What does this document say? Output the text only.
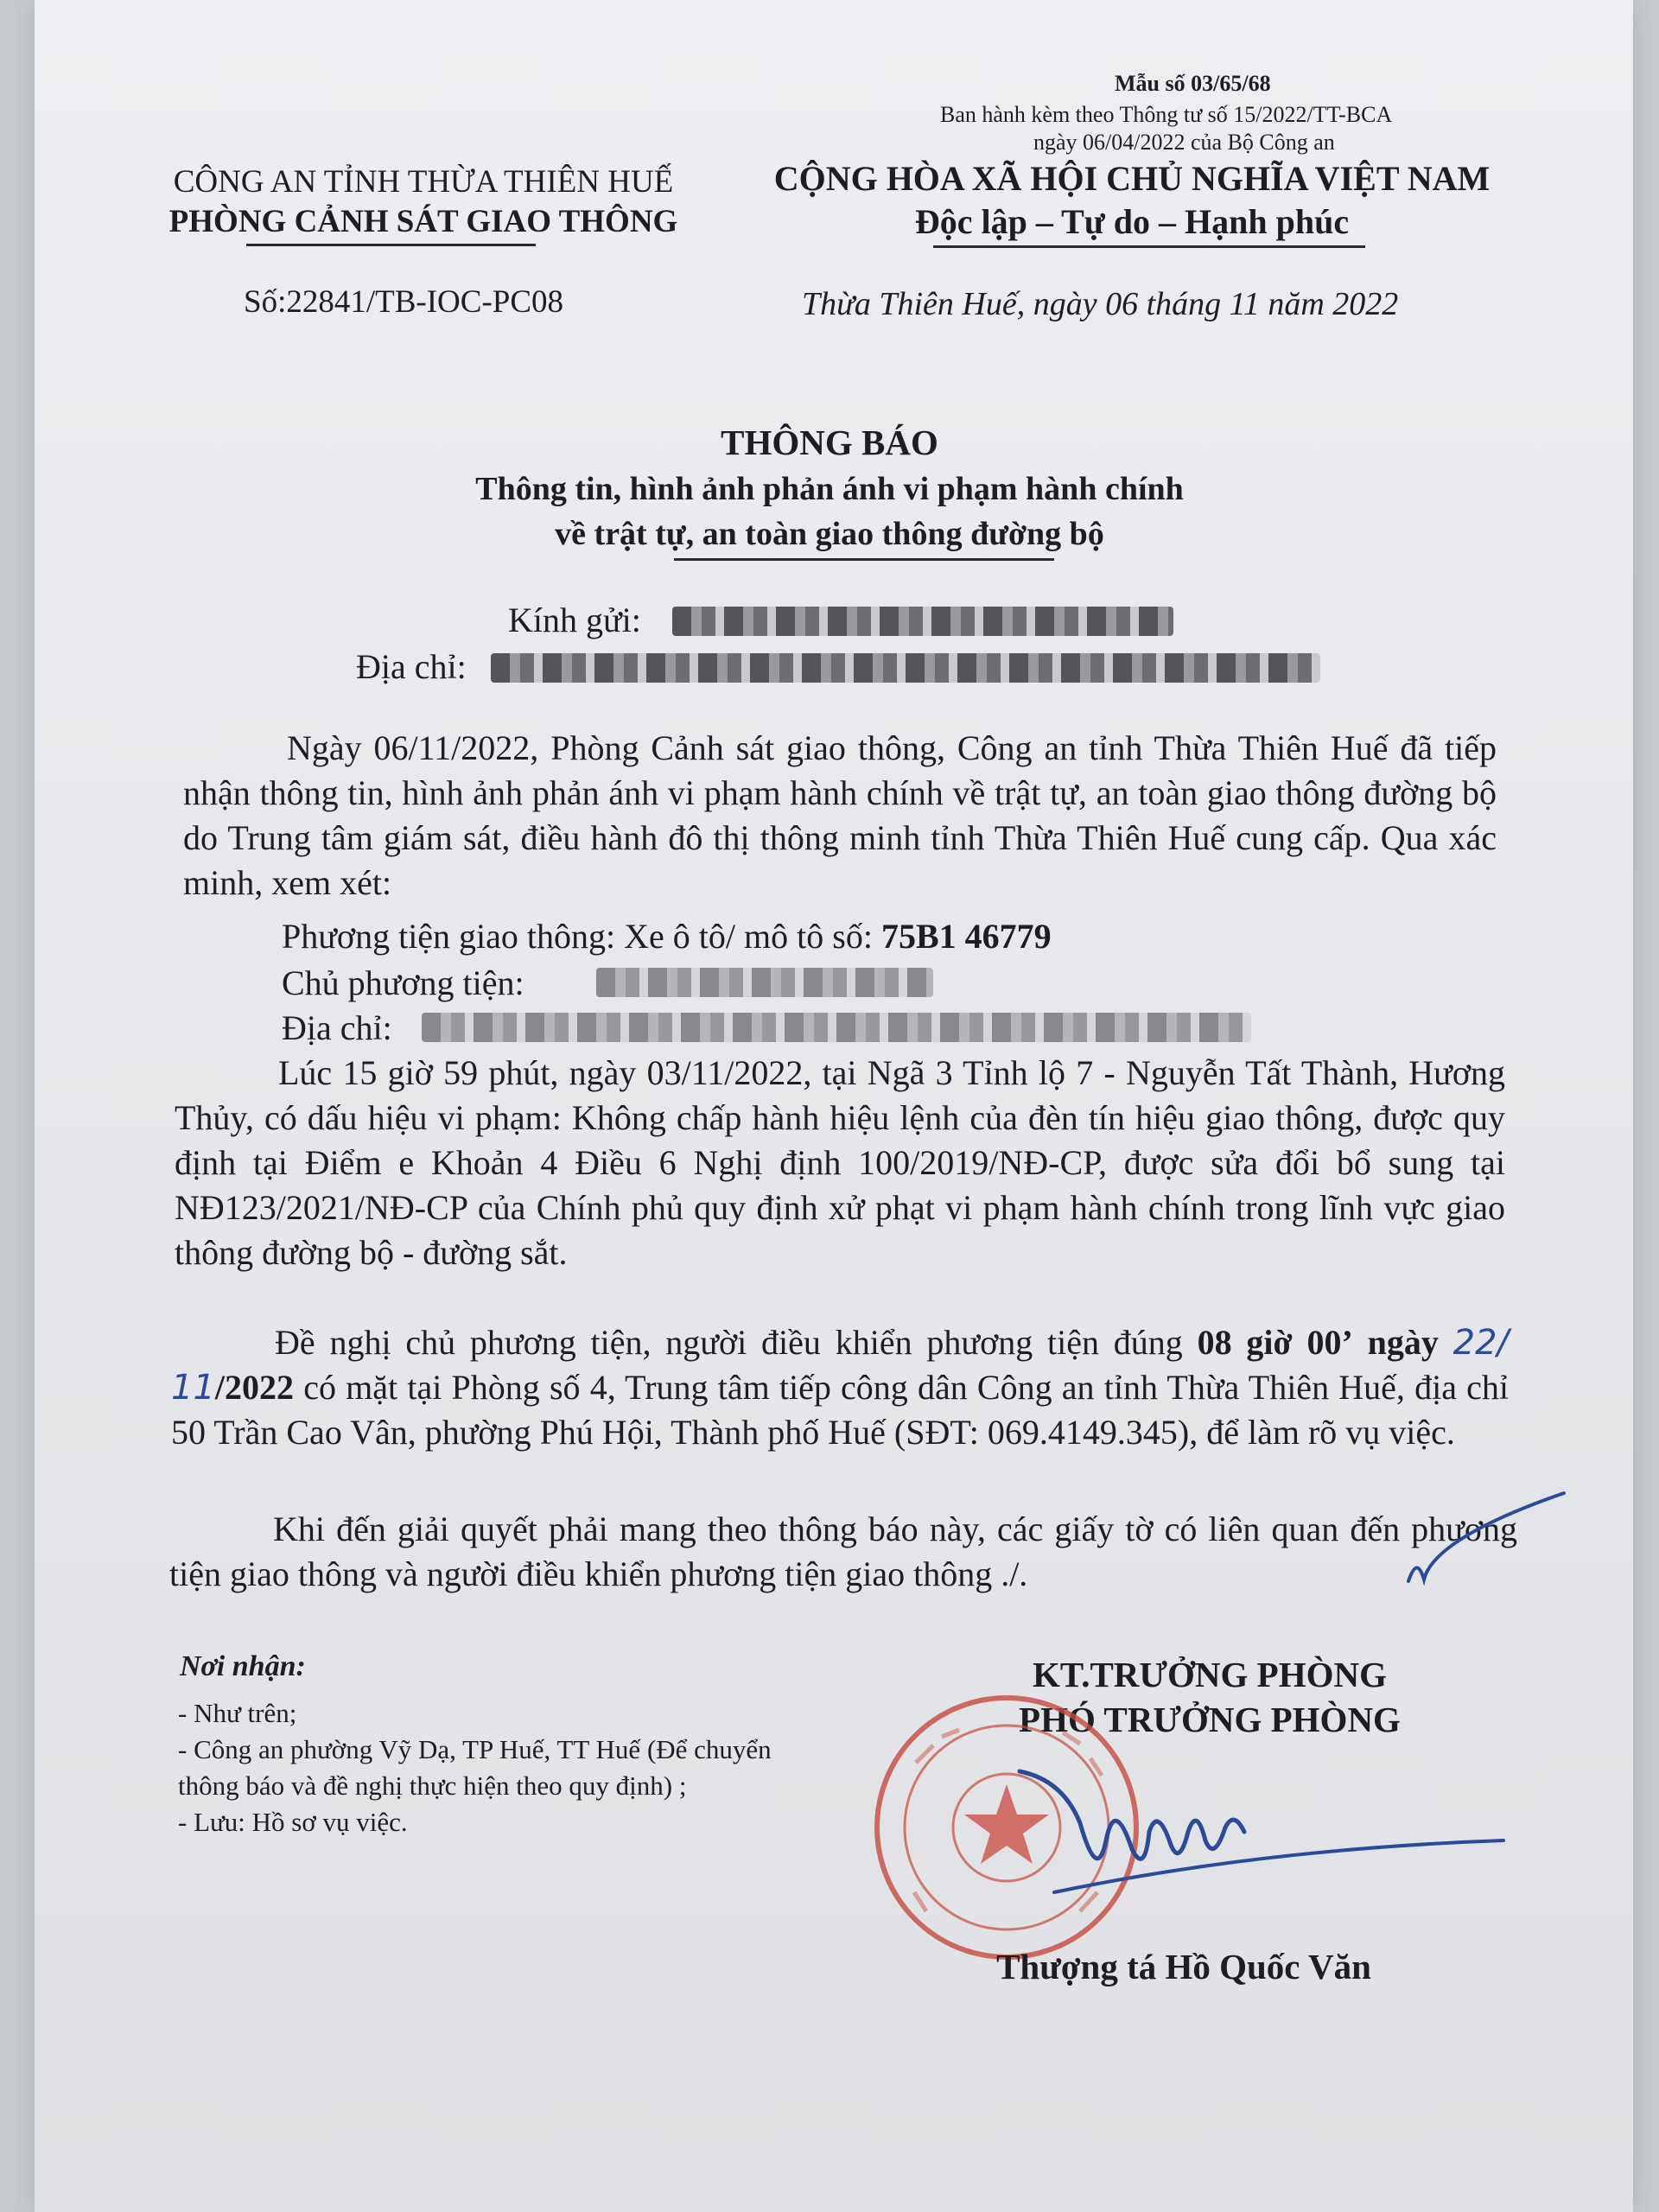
Mẫu số 03/65/68
Ban hành kèm theo Thông tư số 15/2022/TT-BCA
ngày 06/04/2022 của Bộ Công an
CÔNG AN TỈNH THỪA THIÊN HUẾ
PHÒNG CẢNH SÁT GIAO THÔNG
CỘNG HÒA XÃ HỘI CHỦ NGHĨA VIỆT NAM
Độc lập – Tự do – Hạnh phúc
Số:22841/TB-IOC-PC08	Thừa Thiên Huế, ngày 06 tháng 11 năm 2022
THÔNG BÁO
Thông tin, hình ảnh phản ánh vi phạm hành chính
về trật tự, an toàn giao thông đường bộ
Kính gửi:
Địa chỉ:
Ngày 06/11/2022, Phòng Cảnh sát giao thông, Công an tỉnh Thừa Thiên Huế đã tiếp nhận thông tin, hình ảnh phản ánh vi phạm hành chính về trật tự, an toàn giao thông đường bộ do Trung tâm giám sát, điều hành đô thị thông minh tỉnh Thừa Thiên Huế cung cấp. Qua xác minh, xem xét:
Phương tiện giao thông: Xe ô tô/ mô tô số: 75B1 46779
Chủ phương tiện:
Địa chỉ:
Lúc 15 giờ 59 phút, ngày 03/11/2022, tại Ngã 3 Tỉnh lộ 7 - Nguyễn Tất Thành, Hương Thủy, có dấu hiệu vi phạm: Không chấp hành hiệu lệnh của đèn tín hiệu giao thông, được quy định tại Điểm e Khoản 4 Điều 6 Nghị định 100/2019/NĐ-CP, được sửa đổi bổ sung tại NĐ123/2021/NĐ-CP của Chính phủ quy định xử phạt vi phạm hành chính trong lĩnh vực giao thông đường bộ - đường sắt.
Đề nghị chủ phương tiện, người điều khiển phương tiện đúng 08 giờ 00’ ngày 22/ 11/2022 có mặt tại Phòng số 4, Trung tâm tiếp công dân Công an tỉnh Thừa Thiên Huế, địa chỉ 50 Trần Cao Vân, phường Phú Hội, Thành phố Huế (SĐT: 069.4149.345), để làm rõ vụ việc.
Khi đến giải quyết phải mang theo thông báo này, các giấy tờ có liên quan đến phương tiện giao thông và người điều khiển phương tiện giao thông ./.
Nơi nhận:
- Như trên;
- Công an phường Vỹ Dạ, TP Huế, TT Huế (Để chuyển thông báo và đề nghị thực hiện theo quy định) ;
- Lưu: Hồ sơ vụ việc.
KT.TRƯỞNG PHÒNG
PHÓ TRƯỞNG PHÒNG
Thượng tá Hồ Quốc Văn
